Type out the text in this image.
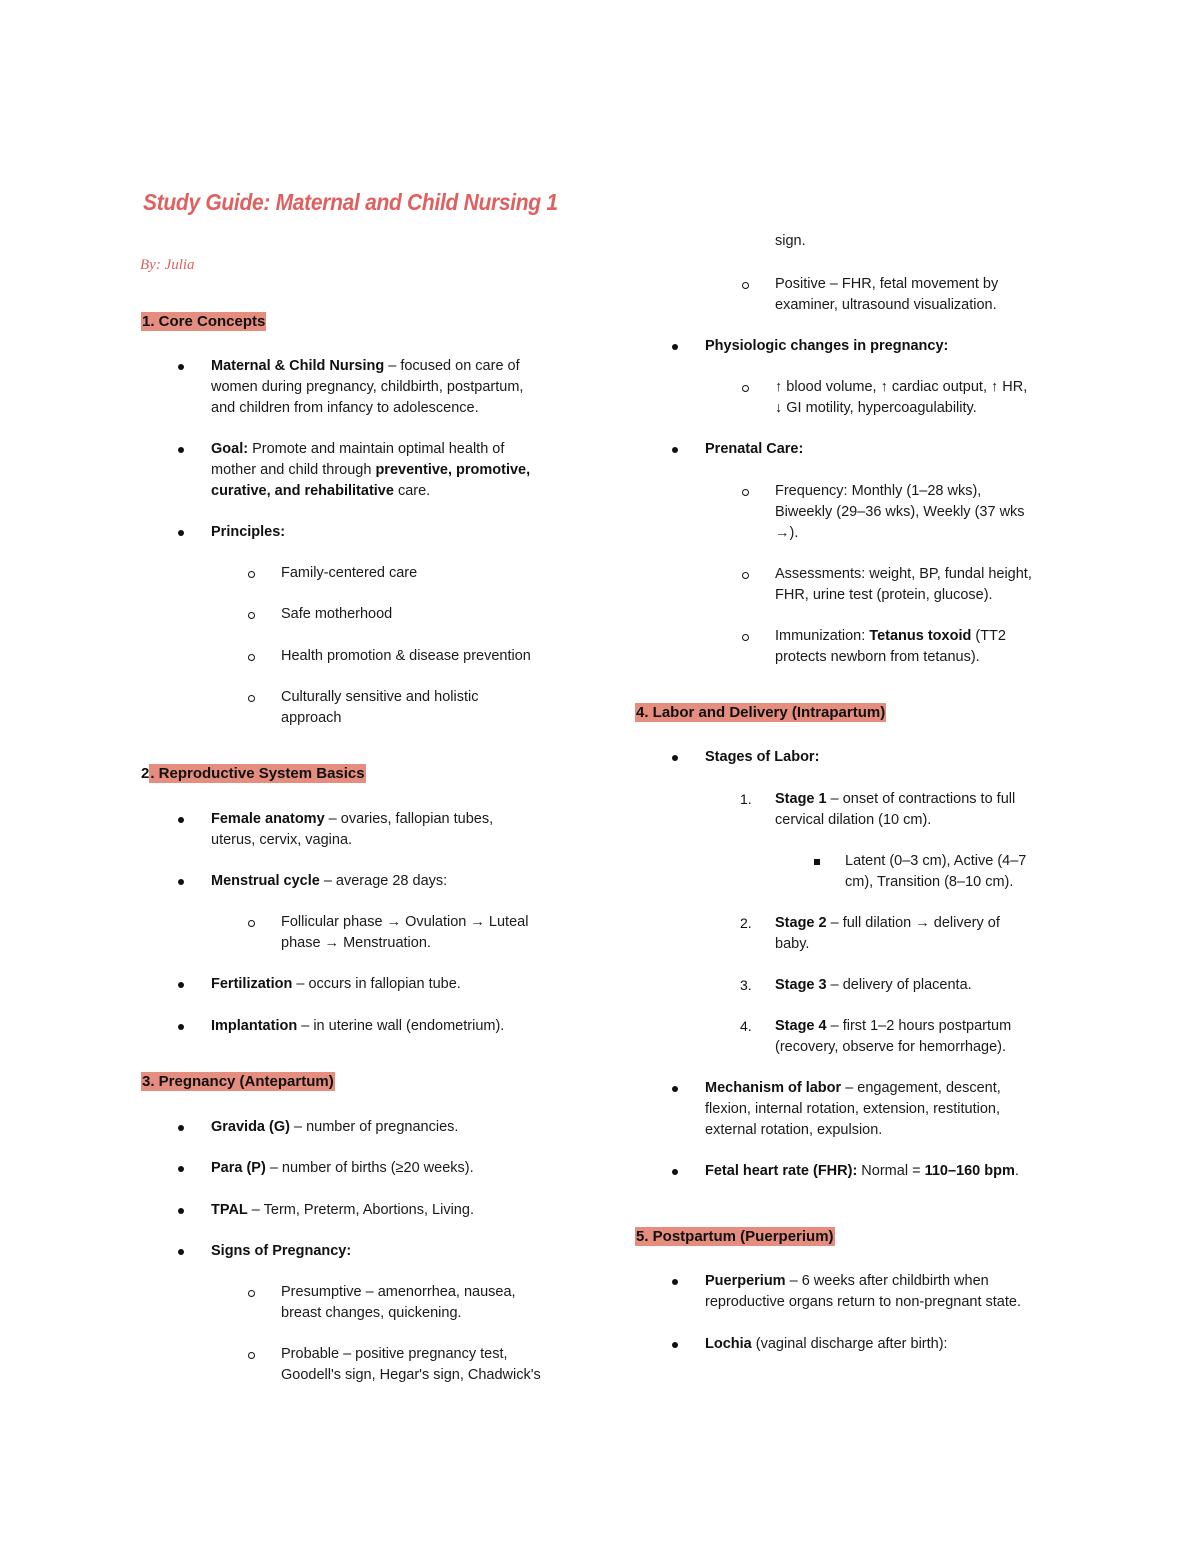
Study Guide: Maternal and Child Nursing 1
By: Julia
1. Core Concepts
Maternal & Child Nursing – focused on care of
women during pregnancy, childbirth, postpartum,
and children from infancy to adolescence.
Goal: Promote and maintain optimal health of
mother and child through preventive, promotive,
curative, and rehabilitative care.
Principles:
Family-centered care
Safe motherhood
Health promotion & disease prevention
Culturally sensitive and holistic
approach
2. Reproductive System Basics
Female anatomy – ovaries, fallopian tubes,
uterus, cervix, vagina.
Menstrual cycle – average 28 days:
Follicular phase → Ovulation → Luteal
phase → Menstruation.
Fertilization – occurs in fallopian tube.
Implantation – in uterine wall (endometrium).
3. Pregnancy (Antepartum)
Gravida (G) – number of pregnancies.
Para (P) – number of births (≥20 weeks).
TPAL – Term, Preterm, Abortions, Living.
Signs of Pregnancy:
Presumptive – amenorrhea, nausea,
breast changes, quickening.
Probable – positive pregnancy test,
Goodell's sign, Hegar's sign, Chadwick's
sign.
Positive – FHR, fetal movement by
examiner, ultrasound visualization.
Physiologic changes in pregnancy:
↑ blood volume, ↑ cardiac output, ↑ HR,
↓ GI motility, hypercoagulability.
Prenatal Care:
Frequency: Monthly (1–28 wks),
Biweekly (29–36 wks), Weekly (37 wks
→).
Assessments: weight, BP, fundal height,
FHR, urine test (protein, glucose).
Immunization: Tetanus toxoid (TT2
protects newborn from tetanus).
4. Labor and Delivery (Intrapartum)
Stages of Labor:
1. Stage 1 – onset of contractions to full
cervical dilation (10 cm).
Latent (0–3 cm), Active (4–7
cm), Transition (8–10 cm).
2. Stage 2 – full dilation → delivery of
baby.
3. Stage 3 – delivery of placenta.
4. Stage 4 – first 1–2 hours postpartum
(recovery, observe for hemorrhage).
Mechanism of labor – engagement, descent,
flexion, internal rotation, extension, restitution,
external rotation, expulsion.
Fetal heart rate (FHR): Normal = 110–160 bpm.
5. Postpartum (Puerperium)
Puerperium – 6 weeks after childbirth when
reproductive organs return to non-pregnant state.
Lochia (vaginal discharge after birth):
